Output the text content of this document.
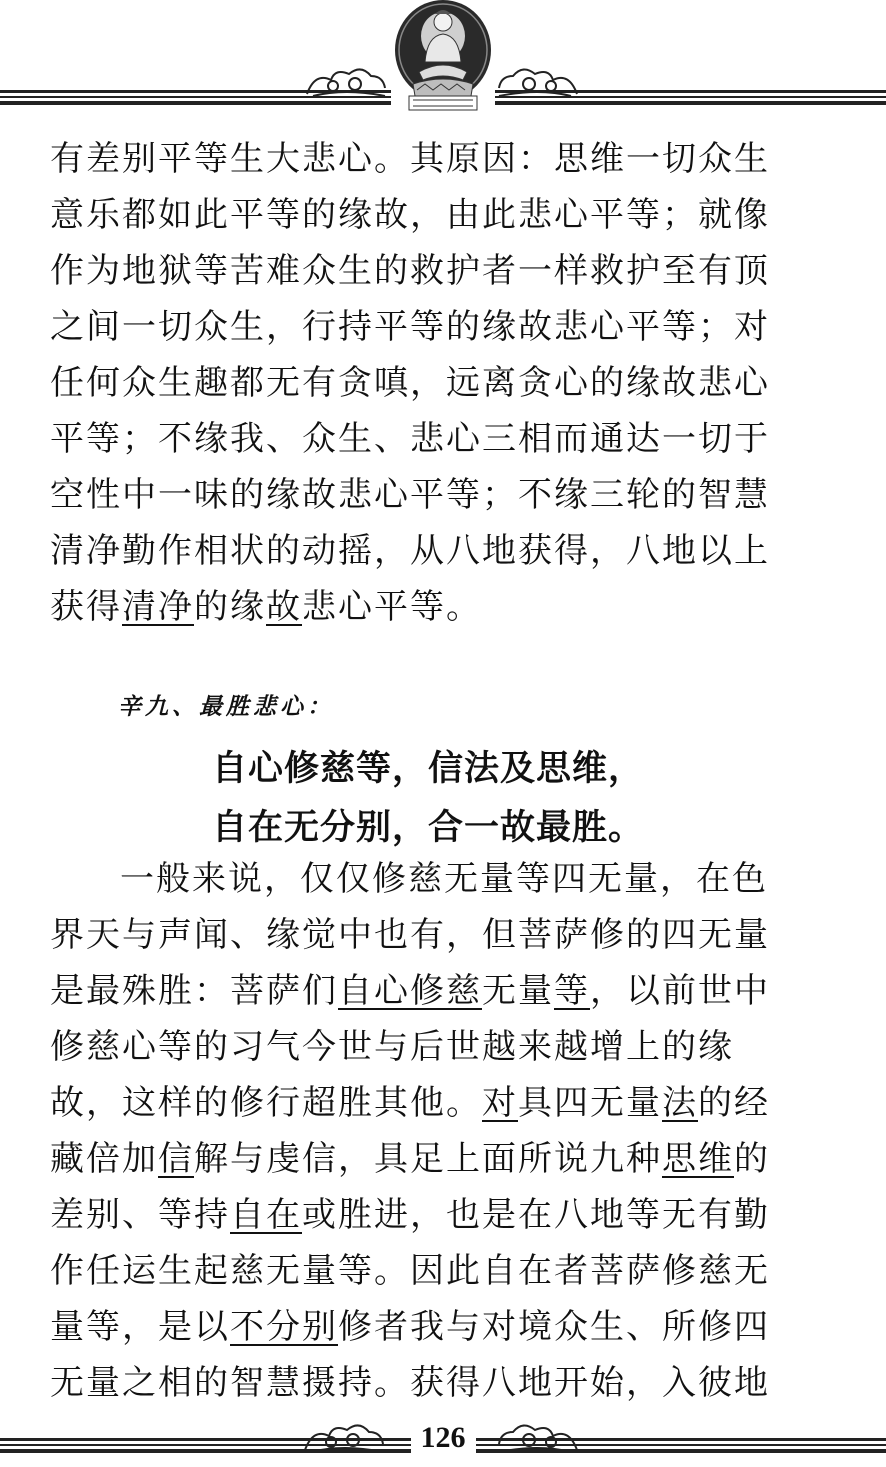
有差别平等生大悲心。其原因：思维一切众生
意乐都如此平等的缘故，由此悲心平等；就像
作为地狱等苦难众生的救护者一样救护至有顶
之间一切众生，行持平等的缘故悲心平等；对
任何众生趣都无有贪嗔，远离贪心的缘故悲心
平等；不缘我、众生、悲心三相而通达一切于
空性中一味的缘故悲心平等；不缘三轮的智慧
清净勤作相状的动摇，从八地获得，八地以上
获得清净的缘故悲心平等。
辛九、最胜悲心：
自心修慈等，信法及思维，
自在无分别，合一故最胜。
一般来说，仅仅修慈无量等四无量，在色
界天与声闻、缘觉中也有，但菩萨修的四无量
是最殊胜：菩萨们自心修慈无量等，以前世中
修慈心等的习气今世与后世越来越增上的缘
故，这样的修行超胜其他。对具四无量法的经
藏倍加信解与虔信，具足上面所说九种思维的
差别、等持自在或胜进，也是在八地等无有勤
作任运生起慈无量等。因此自在者菩萨修慈无
量等，是以不分别修者我与对境众生、所修四
无量之相的智慧摄持。获得八地开始，入彼地
126
